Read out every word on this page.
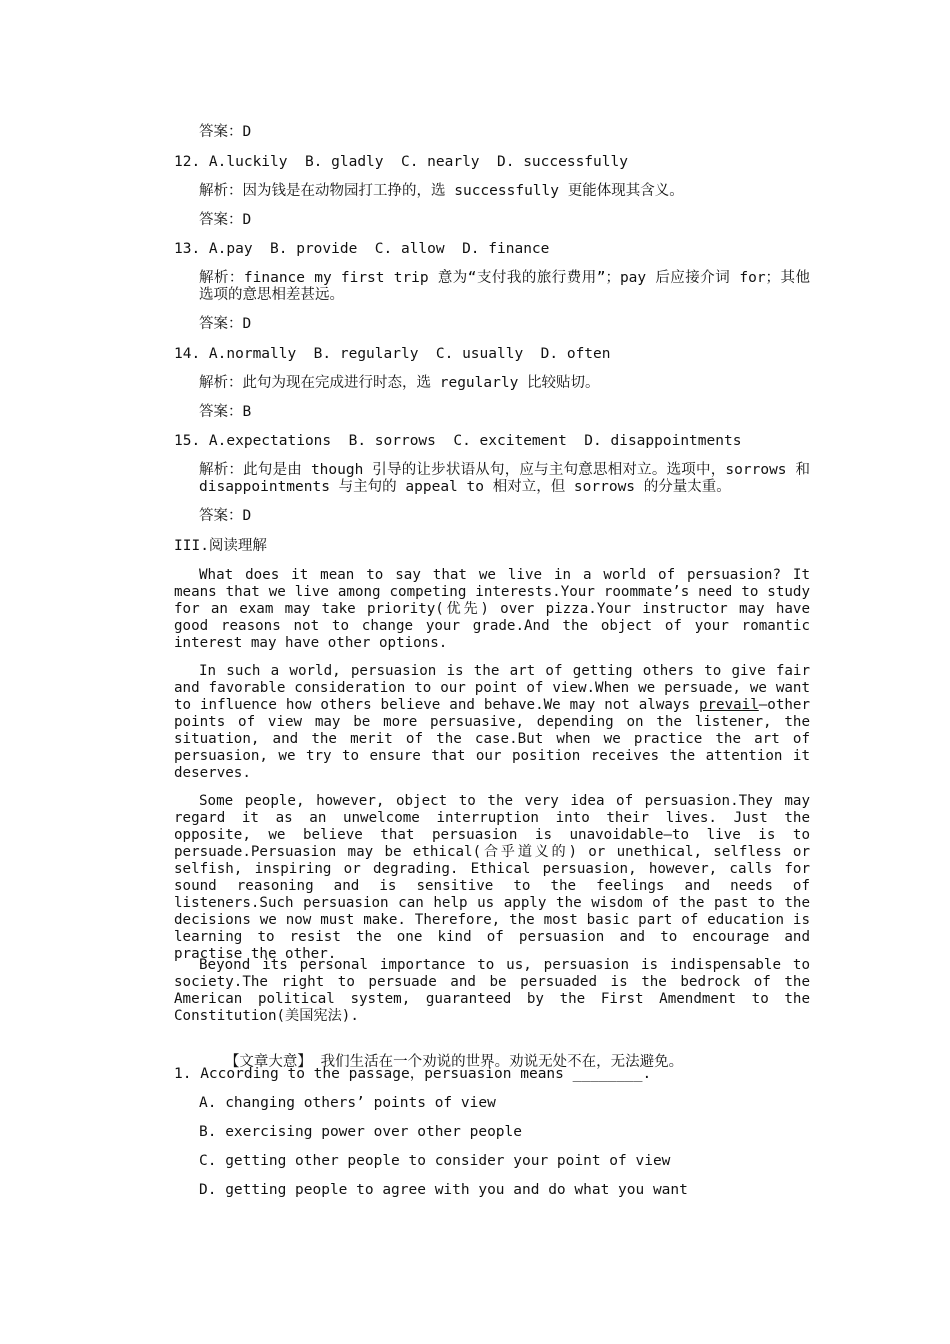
答案：D
12. A.luckily  B. gladly  C. nearly  D. successfully
解析：因为钱是在动物园打工挣的，选 successfully 更能体现其含义。
答案：D
13. A.pay  B. provide  C. allow  D. finance
解析：finance my first trip 意为“支付我的旅行费用”；pay 后应接介词 for；其他选项的意思相差甚远。
答案：D
14. A.normally  B. regularly  C. usually  D. often
解析：此句为现在完成进行时态，选 regularly 比较贴切。
答案：B
15. A.expectations  B. sorrows  C. excitement  D. disappointments
解析：此句是由 though 引导的让步状语从句，应与主句意思相对立。选项中，sorrows 和 disappointments 与主句的 appeal to 相对立，但 sorrows 的分量太重。
答案：D
III.阅读理解
What does it mean to say that we live in a world of persuasion? It means that we live among competing interests.Your roommate’s need to study for an exam may take priority(优先) over pizza.Your instructor may have good reasons not to change your grade.And the object of your romantic interest may have other options.
In such a world, persuasion is the art of getting others to give fair and favorable consideration to our point of view.When we persuade, we want to influence how others believe and behave.We may not always prevail—other points of view may be more persuasive, depending on the listener, the situation, and the merit of the case.But when we practice the art of persuasion, we try to ensure that our position receives the attention it deserves.
Some people, however, object to the very idea of persuasion.They may regard it as an unwelcome interruption into their lives. Just the opposite, we believe that persuasion is unavoidable—to live is to persuade.Persuasion may be ethical(合乎道义的) or unethical, selfless or selfish, inspiring or degrading. Ethical persuasion, however, calls for sound reasoning and is sensitive to the feelings and needs of listeners.Such persuasion can help us apply the wisdom of the past to the decisions we now must make. Therefore, the most basic part of education is learning to resist the one kind of persuasion and to encourage and practise the other.
Beyond its personal importance to us, persuasion is indispensable to society.The right to persuade and be persuaded is the bedrock of the American political system, guaranteed by the First Amendment to the Constitution(美国宪法).

【文章大意】 我们生活在一个劝说的世界。劝说无处不在，无法避免。

1. According to the passage，persuasion means ________.
A. changing others’ points of view
B. exercising power over other people
C. getting other people to consider your point of view
D. getting people to agree with you and do what you want
